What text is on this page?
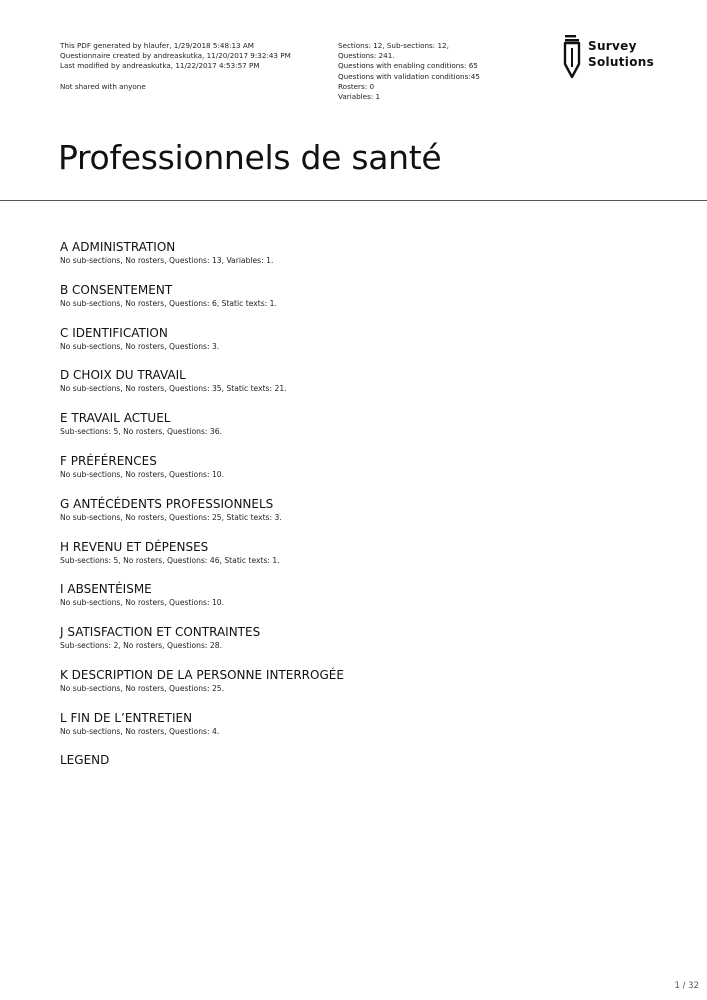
This PDF generated by hlaufer, 1/29/2018 5:48:13 AM
Questionnaire created by andreaskutka, 11/20/2017 9:32:43 PM
Last modified by andreaskutka, 11/22/2017 4:53:57 PM
Not shared with anyone
Sections: 12, Sub-sections: 12,
Questions: 241.
Questions with enabling conditions: 65
Questions with validation conditions:45
Rosters: 0
Variables: 1
Survey
Solutions
Professionnels de santé
A ADMINISTRATION
No sub-sections, No rosters, Questions: 13, Variables: 1.
B CONSENTEMENT
No sub-sections, No rosters, Questions: 6, Static texts: 1.
C IDENTIFICATION
No sub-sections, No rosters, Questions: 3.
D CHOIX DU TRAVAIL
No sub-sections, No rosters, Questions: 35, Static texts: 21.
E TRAVAIL ACTUEL
Sub-sections: 5, No rosters, Questions: 36.
F PRÉFÉRENCES
No sub-sections, No rosters, Questions: 10.
G ANTÉCÉDENTS PROFESSIONNELS
No sub-sections, No rosters, Questions: 25, Static texts: 3.
H REVENU ET DÉPENSES
Sub-sections: 5, No rosters, Questions: 46, Static texts: 1.
I ABSENTÉISME
No sub-sections, No rosters, Questions: 10.
J SATISFACTION ET CONTRAINTES
Sub-sections: 2, No rosters, Questions: 28.
K DESCRIPTION DE LA PERSONNE INTERROGÉE
No sub-sections, No rosters, Questions: 25.
L FIN DE L’ENTRETIEN
No sub-sections, No rosters, Questions: 4.
LEGEND
1 / 32
